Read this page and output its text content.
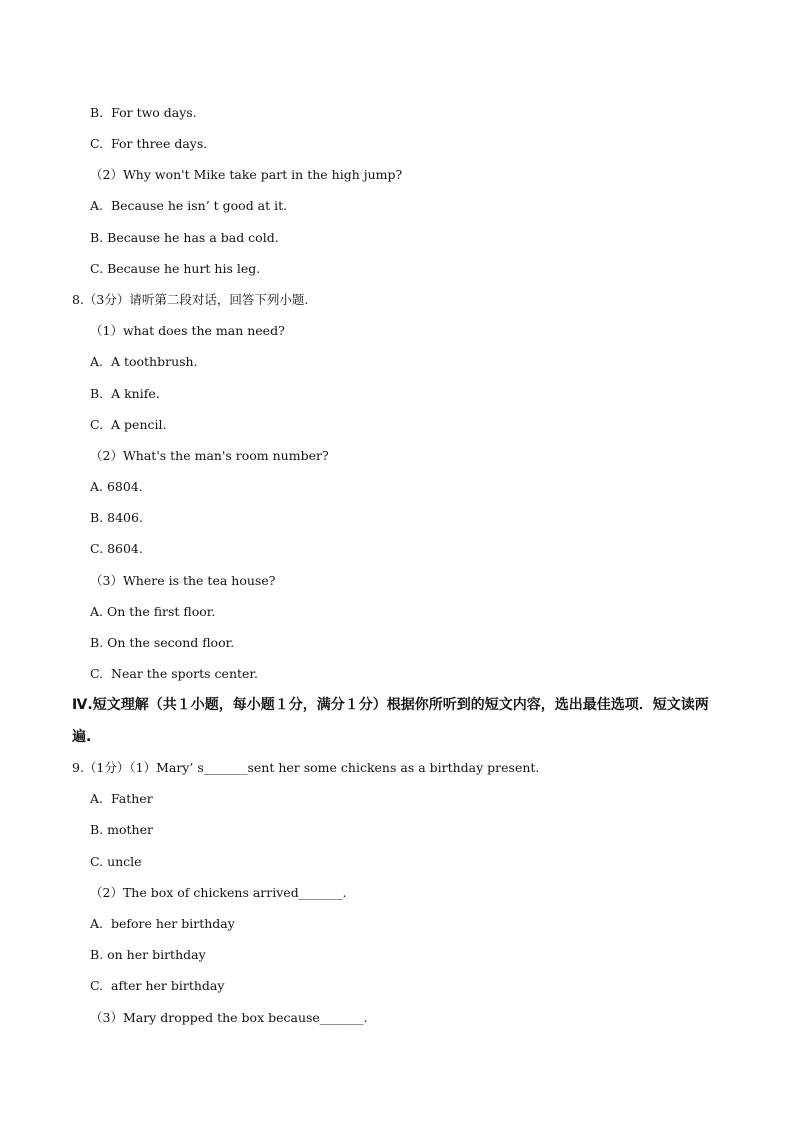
B.  For two days.
C.  For three days.
（2）Why won't Mike take part in the high jump?
A.  Because he isn’ t good at it.
B. Because he has a bad cold.
C. Because he hurt his leg.
8.（3分）请听第二段对话，回答下列小题.
（1）what does the man need?
A.  A toothbrush.
B.  A knife.
C.  A pencil.
（2）What's the man's room number?
A. 6804.
B. 8406.
C. 8604.
（3）Where is the tea house?
A. On the first floor.
B. On the second floor.
C.  Near the sports center.
Ⅳ.短文理解（共１小题，每小题１分，满分１分）根据你所听到的短文内容，选出最佳选项．短文读两
遍.
9.（1分）（1）Mary’ s_______sent her some chickens as a birthday present.
A.  Father
B. mother
C. uncle
（2）The box of chickens arrived_______.
A.  before her birthday
B. on her birthday
C.  after her birthday
（3）Mary dropped the box because_______.
